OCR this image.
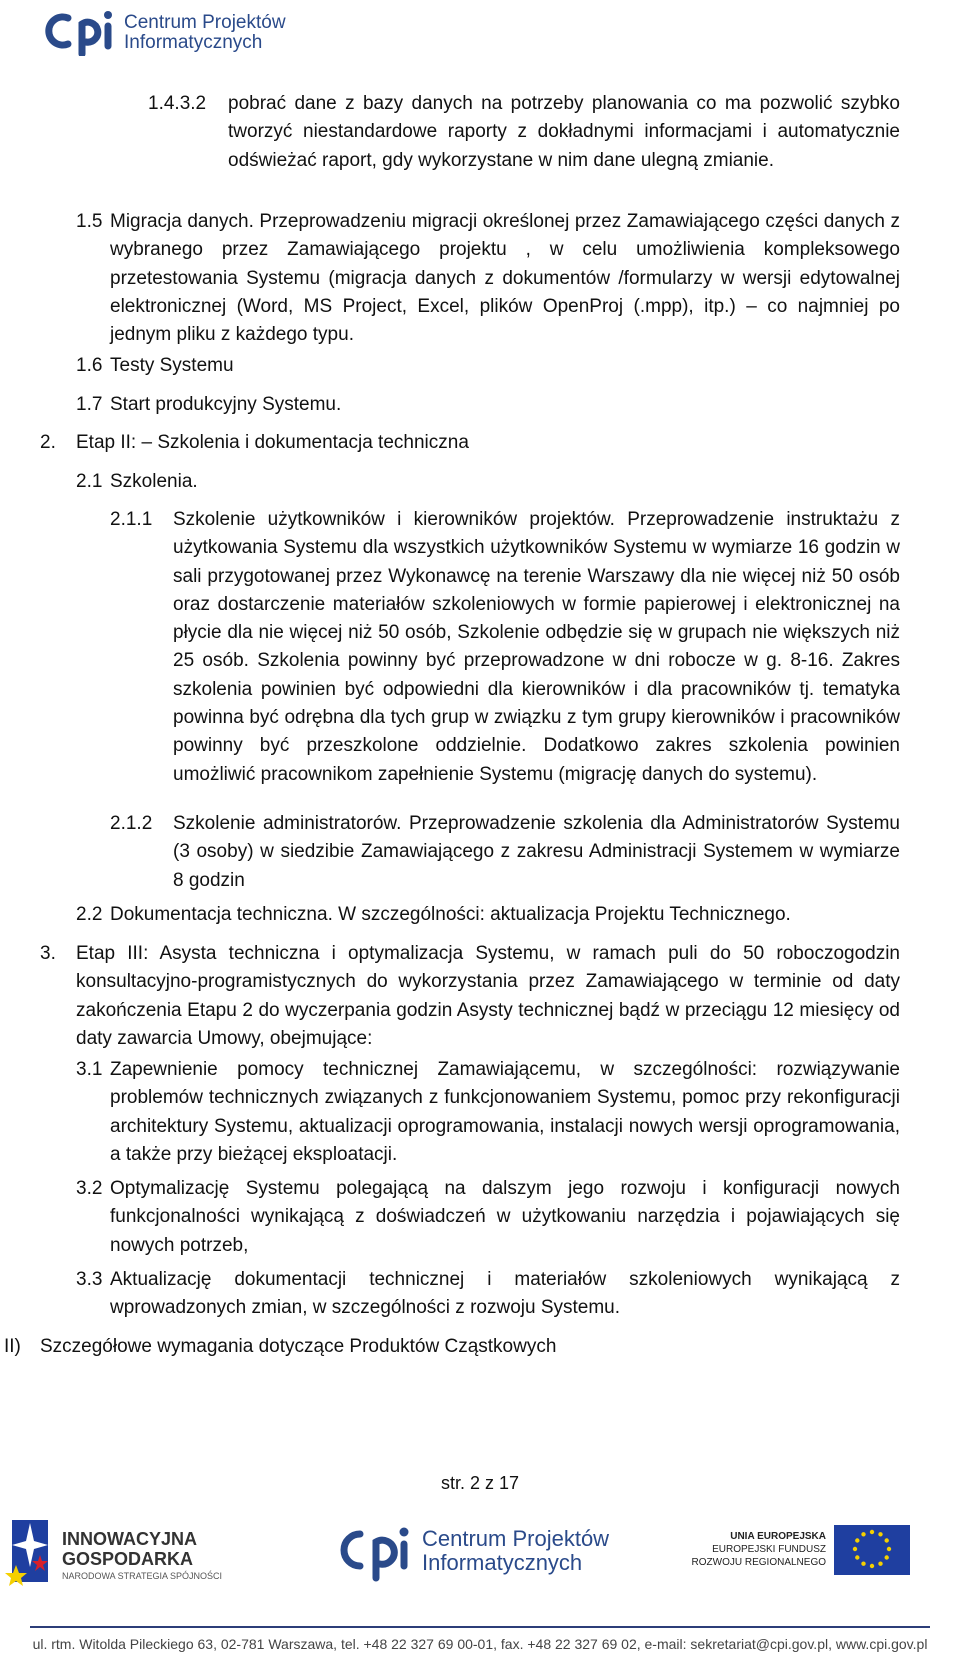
Centrum Projektów
Informatycznych
1.4.3.2 pobrać dane z bazy danych na potrzeby planowania co ma pozwolić szybko tworzyć niestandardowe raporty z dokładnymi informacjami i automatycznie odświeżać raport, gdy wykorzystane w nim dane ulegną zmianie.
1.5 Migracja danych. Przeprowadzeniu migracji określonej przez Zamawiającego części danych z wybranego przez Zamawiającego projektu , w celu umożliwienia kompleksowego przetestowania Systemu (migracja danych z dokumentów /formularzy w wersji edytowalnej elektronicznej (Word, MS Project, Excel, plików OpenProj (.mpp), itp.) – co najmniej po jednym pliku z każdego typu.
1.6 Testy Systemu
1.7 Start produkcyjny Systemu.
2. Etap II: – Szkolenia i dokumentacja techniczna
2.1 Szkolenia.
2.1.1 Szkolenie użytkowników i kierowników projektów. Przeprowadzenie instruktażu z użytkowania Systemu dla wszystkich użytkowników Systemu w wymiarze 16 godzin w sali przygotowanej przez Wykonawcę na terenie Warszawy dla nie więcej niż 50 osób oraz dostarczenie materiałów szkoleniowych w formie papierowej i elektronicznej na płycie dla nie więcej niż 50 osób, Szkolenie odbędzie się w grupach nie większych niż 25 osób. Szkolenia powinny być przeprowadzone w dni robocze w g. 8-16. Zakres szkolenia powinien być odpowiedni dla kierowników i dla pracowników tj. tematyka powinna być odrębna dla tych grup w związku z tym grupy kierowników i pracowników powinny być przeszkolone oddzielnie. Dodatkowo zakres szkolenia powinien umożliwić pracownikom zapełnienie Systemu (migrację danych do systemu).
2.1.2 Szkolenie administratorów. Przeprowadzenie szkolenia dla Administratorów Systemu (3 osoby) w siedzibie Zamawiającego z zakresu Administracji Systemem w wymiarze 8 godzin
2.2 Dokumentacja techniczna. W szczególności: aktualizacja Projektu Technicznego.
3. Etap III: Asysta techniczna i optymalizacja Systemu, w ramach puli do 50 roboczogodzin konsultacyjno-programistycznych do wykorzystania przez Zamawiającego w terminie od daty zakończenia Etapu 2 do wyczerpania godzin Asysty technicznej bądź w przeciągu 12 miesięcy od daty zawarcia Umowy, obejmujące:
3.1 Zapewnienie pomocy technicznej Zamawiającemu, w szczególności: rozwiązywanie problemów technicznych związanych z funkcjonowaniem Systemu, pomoc przy rekonfiguracji architektury Systemu, aktualizacji oprogramowania, instalacji nowych wersji oprogramowania, a także przy bieżącej eksploatacji.
3.2 Optymalizację Systemu polegającą na dalszym jego rozwoju i konfiguracji nowych funkcjonalności wynikającą z doświadczeń w użytkowaniu narzędzia i pojawiających się nowych potrzeb,
3.3 Aktualizację dokumentacji technicznej i materiałów szkoleniowych wynikającą z wprowadzonych zmian, w szczególności z rozwoju Systemu.
II) Szczegółowe wymagania dotyczące Produktów Cząstkowych
str. 2 z 17
INNOWACYJNA
GOSPODARKA
NARODOWA STRATEGIA SPÓJNOŚCI
Centrum Projektów
Informatycznych
UNIA EUROPEJSKA
EUROPEJSKI FUNDUSZ
ROZWOJU REGIONALNEGO
ul. rtm. Witolda Pileckiego 63, 02-781 Warszawa, tel. +48 22 327 69 00-01, fax. +48 22 327 69 02, e-mail: sekretariat@cpi.gov.pl, www.cpi.gov.pl
